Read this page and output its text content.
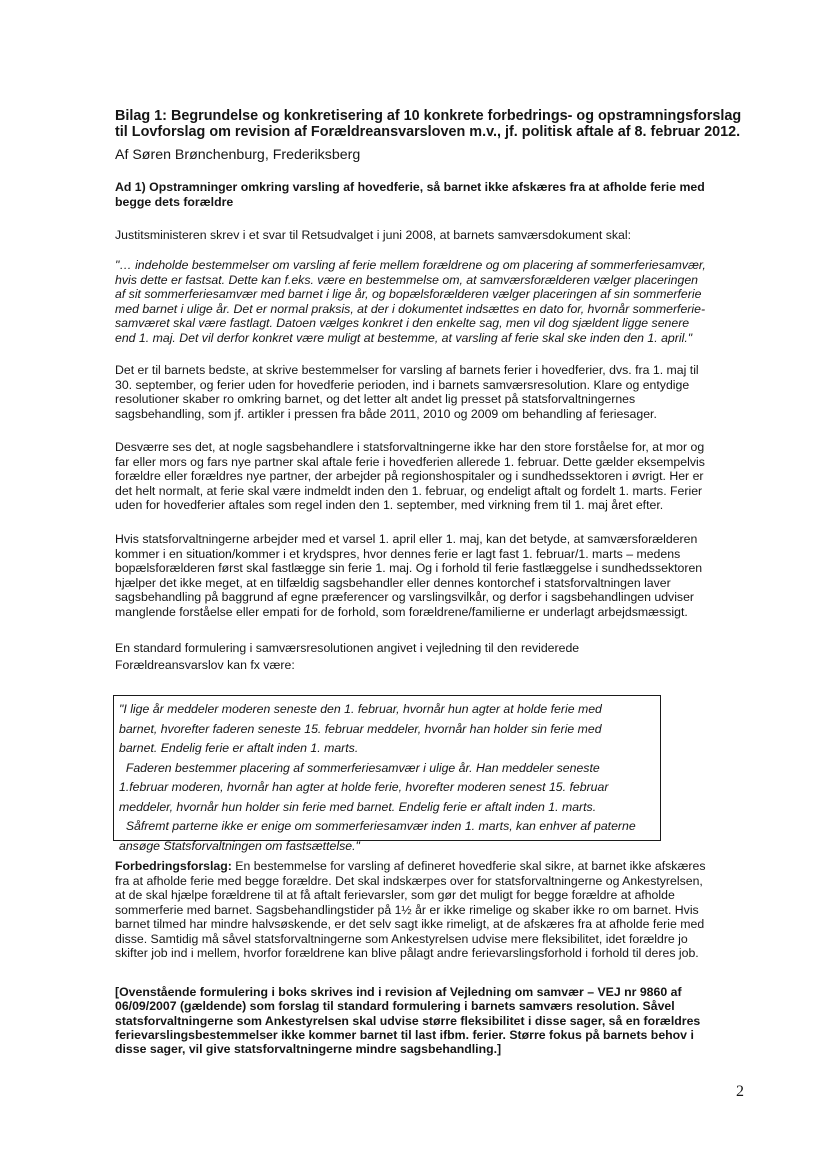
Bilag 1: Begrundelse og konkretisering af 10 konkrete forbedrings- og opstramningsforslag
til Lovforslag om revision af Forældreansvarsloven m.v., jf. politisk aftale af 8. februar 2012.
Af Søren Brønchenburg, Frederiksberg
Ad 1) Opstramninger omkring varsling af hovedferie, så barnet ikke afskæres fra at afholde ferie med
begge dets forældre
Justitsministeren skrev i et svar til Retsudvalget i juni 2008, at barnets samværsdokument skal:
"… indeholde bestemmelser om varsling af ferie mellem forældrene og om placering af sommerferiesamvær,
hvis dette er fastsat. Dette kan f.eks. være en bestemmelse om, at samværsforælderen vælger placeringen
af sit sommerferiesamvær med barnet i lige år, og bopælsforælderen vælger placeringen af sin sommerferie
med barnet i ulige år. Det er normal praksis, at der i dokumentet indsættes en dato for, hvornår sommerferie-
samværet skal være fastlagt. Datoen vælges konkret i den enkelte sag, men vil dog sjældent ligge senere
end 1. maj. Det vil derfor konkret være muligt at bestemme, at varsling af ferie skal ske inden den 1. april."
Det er til barnets bedste, at skrive bestemmelser for varsling af barnets ferier i hovedferier, dvs. fra 1. maj til
30. september, og ferier uden for hovedferie perioden, ind i barnets samværsresolution. Klare og entydige
resolutioner skaber ro omkring barnet, og det letter alt andet lig presset på statsforvaltningernes
sagsbehandling, som jf. artikler i pressen fra både 2011, 2010 og 2009 om behandling af feriesager.
Desværre ses det, at nogle sagsbehandlere i statsforvaltningerne ikke har den store forståelse for, at mor og
far eller mors og fars nye partner skal aftale ferie i hovedferien allerede 1. februar. Dette gælder eksempelvis
forældre eller forældres nye partner, der arbejder på regionshospitaler og i sundhedssektoren i øvrigt. Her er
det helt normalt, at ferie skal være indmeldt inden den 1. februar, og endeligt aftalt og fordelt 1. marts. Ferier
uden for hovedferier aftales som regel inden den 1. september, med virkning frem til 1. maj året efter.
Hvis statsforvaltningerne arbejder med et varsel 1. april eller 1. maj, kan det betyde, at samværsforælderen
kommer i en situation/kommer i et krydspres, hvor dennes ferie er lagt fast 1. februar/1. marts – medens
bopælsforælderen først skal fastlægge sin ferie 1. maj. Og i forhold til ferie fastlæggelse i sundhedssektoren
hjælper det ikke meget, at en tilfældig sagsbehandler eller dennes kontorchef i statsforvaltningen laver
sagsbehandling på baggrund af egne præferencer og varslingsvilkår, og derfor i sagsbehandlingen udviser
manglende forståelse eller empati for de forhold, som forældrene/familierne er underlagt arbejdsmæssigt.
En standard formulering i samværsresolutionen angivet i vejledning til den reviderede
Forældreansvarslov kan fx være:
"I lige år meddeler moderen seneste den 1. februar, hvornår hun agter at holde ferie med
barnet, hvorefter faderen seneste 15. februar meddeler, hvornår han holder sin ferie med
barnet. Endelig ferie er aftalt inden 1. marts.
Faderen bestemmer placering af sommerferiesamvær i ulige år. Han meddeler seneste
1.februar moderen, hvornår han agter at holde ferie, hvorefter moderen senest 15. februar
meddeler, hvornår hun holder sin ferie med barnet. Endelig ferie er aftalt inden 1. marts.
Såfremt parterne ikke er enige om sommerferiesamvær inden 1. marts, kan enhver af paterne
ansøge Statsforvaltningen om fastsættelse."
Forbedringsforslag: En bestemmelse for varsling af defineret hovedferie skal sikre, at barnet ikke afskæres
fra at afholde ferie med begge forældre. Det skal indskærpes over for statsforvaltningerne og Ankestyrelsen,
at de skal hjælpe forældrene til at få aftalt ferievarsler, som gør det muligt for begge forældre at afholde
sommerferie med barnet. Sagsbehandlingstider på 1½ år er ikke rimelige og skaber ikke ro om barnet. Hvis
barnet tilmed har mindre halvsøskende, er det selv sagt ikke rimeligt, at de afskæres fra at afholde ferie med
disse. Samtidig må såvel statsforvaltningerne som Ankestyrelsen udvise mere fleksibilitet, idet forældre jo
skifter job ind i mellem, hvorfor forældrene kan blive pålagt andre ferievarslingsforhold i forhold til deres job.
[Ovenstående formulering i boks skrives ind i revision af Vejledning om samvær – VEJ nr 9860 af
06/09/2007 (gældende) som forslag til standard formulering i barnets samværs resolution. Såvel
statsforvaltningerne som Ankestyrelsen skal udvise større fleksibilitet i disse sager, så en forældres
ferievarslingsbestemmelser ikke kommer barnet til last ifbm. ferier. Større fokus på barnets behov i
disse sager, vil give statsforvaltningerne mindre sagsbehandling.]
2
